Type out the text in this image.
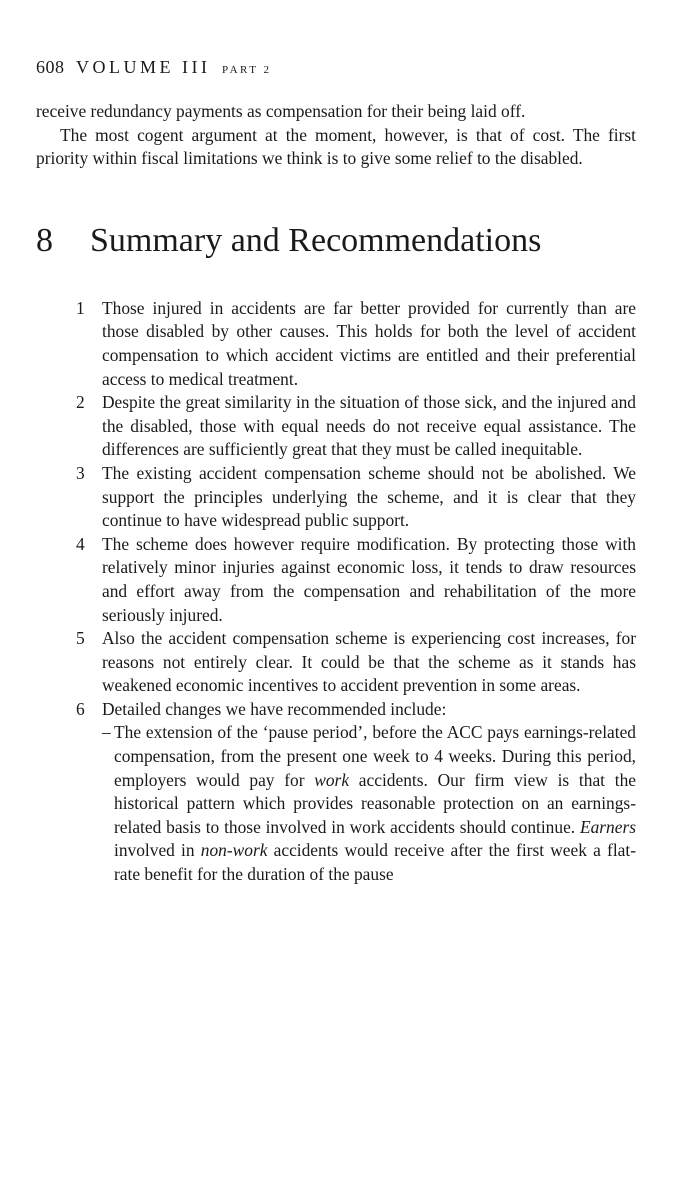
608 VOLUME III PART 2

receive redundancy payments as compensation for their being laid off.

The most cogent argument at the moment, however, is that of cost. The first priority within fiscal limitations we think is to give some relief to the disabled.

8	Summary and Recommendations
1 Those injured in accidents are far better provided for currently than are those disabled by other causes. This holds for both the level of accident compensation to which accident victims are entitled and their preferential access to medical treatment.
2 Despite the great similarity in the situation of those sick, and the injured and the disabled, those with equal needs do not receive equal assistance. The differences are sufficiently great that they must be called inequitable.
3 The existing accident compensation scheme should not be abolished. We support the principles underlying the scheme, and it is clear that they continue to have widespread public support.
4 The scheme does however require modification. By protecting those with relatively minor injuries against economic loss, it tends to draw resources and effort away from the compensation and rehabilitation of the more seriously injured.
5 Also the accident compensation scheme is experiencing cost increases, for reasons not entirely clear. It could be that the scheme as it stands has weakened economic incentives to accident prevention in some areas.
6 Detailed changes we have recommended include:
– The extension of the ‘pause period’, before the ACC pays earnings-related compensation, from the present one week to 4 weeks. During this period, employers would pay for work accidents. Our firm view is that the historical pattern which provides reasonable protection on an earnings-related basis to those involved in work accidents should continue. Earners involved in non-work accidents would receive after the first week a flat-rate benefit for the duration of the pause
